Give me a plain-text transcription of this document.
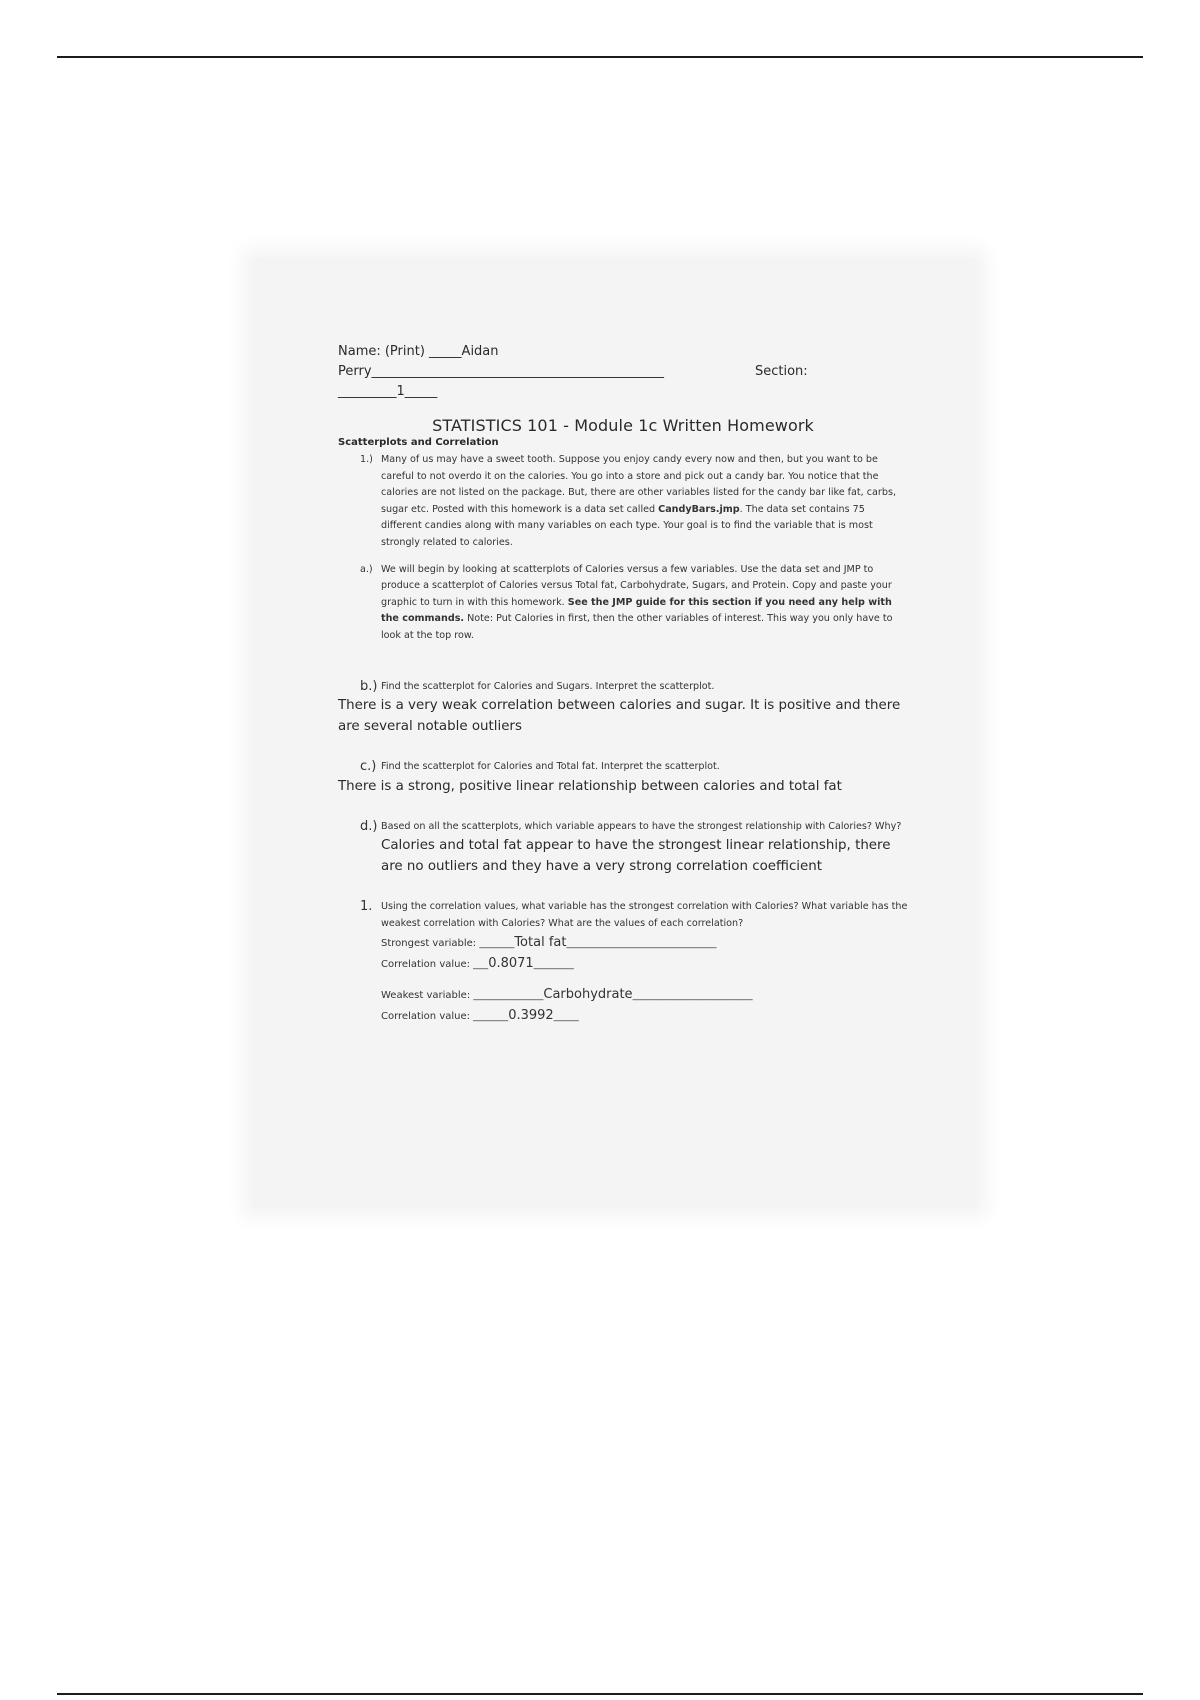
Name: (Print) _____Aidan
Perry_____________________________________________	Section:
_________1_____
STATISTICS 101 - Module 1c Written Homework
Scatterplots and Correlation
1.) Many of us may have a sweet tooth. Suppose you enjoy candy every now and then, but you want to be careful to not overdo it on the calories. You go into a store and pick out a candy bar. You notice that the calories are not listed on the package. But, there are other variables listed for the candy bar like fat, carbs, sugar etc. Posted with this homework is a data set called CandyBars.jmp. The data set contains 75 different candies along with many variables on each type. Your goal is to find the variable that is most strongly related to calories.
a.) We will begin by looking at scatterplots of Calories versus a few variables. Use the data set and JMP to produce a scatterplot of Calories versus Total fat, Carbohydrate, Sugars, and Protein. Copy and paste your graphic to turn in with this homework. See the JMP guide for this section if you need any help with the commands. Note: Put Calories in first, then the other variables of interest. This way you only have to look at the top row.
b.) Find the scatterplot for Calories and Sugars. Interpret the scatterplot.
There is a very weak correlation between calories and sugar. It is positive and there are several notable outliers
c.) Find the scatterplot for Calories and Total fat. Interpret the scatterplot.
There is a strong, positive linear relationship between calories and total fat
d.) Based on all the scatterplots, which variable appears to have the strongest relationship with Calories? Why?
Calories and total fat appear to have the strongest linear relationship, there are no outliers and they have a very strong correlation coefficient
1. Using the correlation values, what variable has the strongest correlation with Calories? What variable has the weakest correlation with Calories? What are the values of each correlation?
Strongest variable: _______Total fat______________________________
Correlation value: ___0.8071________
Weakest variable: ______________Carbohydrate________________________
Correlation value: _______0.3992_____
